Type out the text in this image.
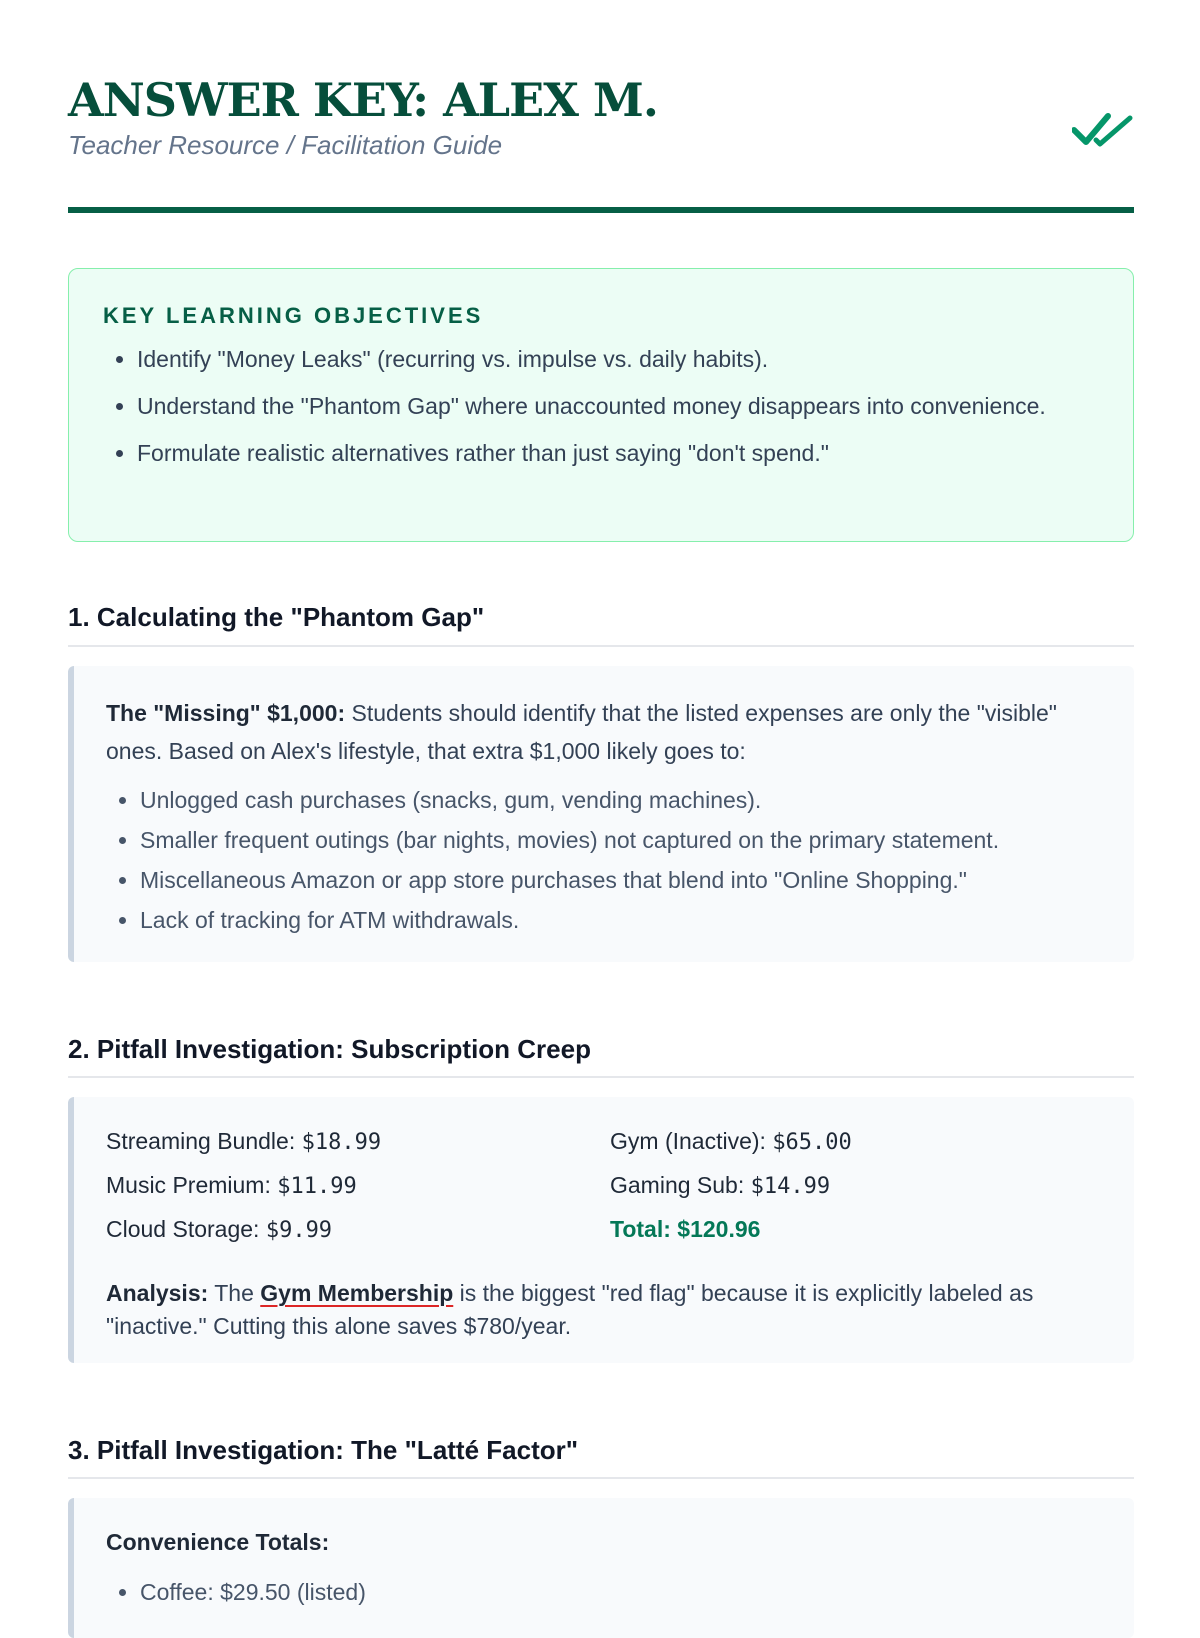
ANSWER KEY: ALEX M.
Teacher Resource / Facilitation Guide
KEY LEARNING OBJECTIVES
• Identify "Money Leaks" (recurring vs. impulse vs. daily habits).
• Understand the "Phantom Gap" where unaccounted money disappears into convenience.
• Formulate realistic alternatives rather than just saying "don't spend."
1. Calculating the "Phantom Gap"

The "Missing" $1,000: Students should identify that the listed expenses are only the "visible" ones. Based on Alex's lifestyle, that extra $1,000 likely goes to:

• Unlogged cash purchases (snacks, gum, vending machines).
• Smaller frequent outings (bar nights, movies) not captured on the primary statement.
• Miscellaneous Amazon or app store purchases that blend into "Online Shopping."
• Lack of tracking for ATM withdrawals.
2. Pitfall Investigation: Subscription Creep
Streaming Bundle: $18.99	Gym (Inactive): $65.00
Music Premium: $11.99	Gaming Sub: $14.99
Cloud Storage: $9.99	Total: $120.96
Analysis: The Gym Membership is the biggest "red flag" because it is explicitly labeled as "inactive." Cutting this alone saves $780/year.
3. Pitfall Investigation: The "Latté Factor"

Convenience Totals:

• Coffee: $29.50 (listed)
